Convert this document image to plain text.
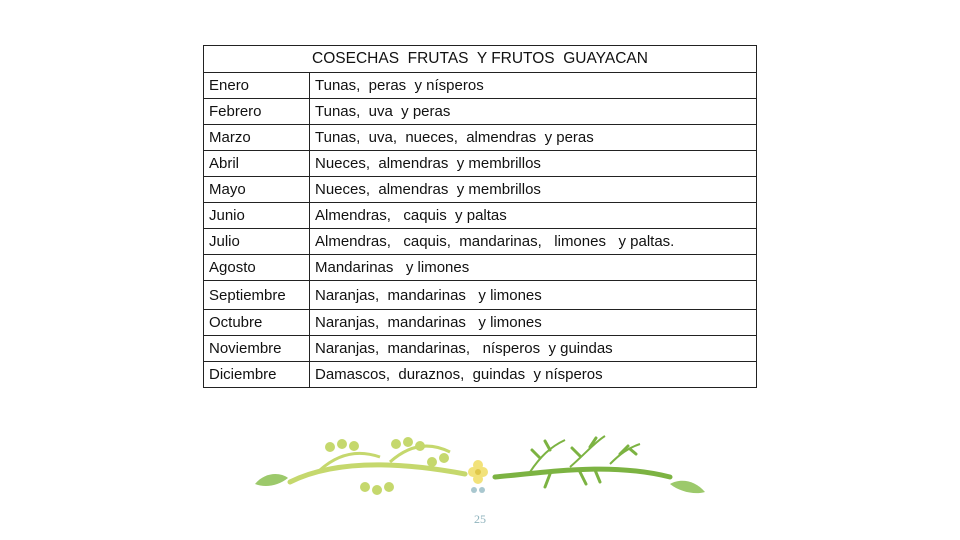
COSECHAS  FRUTAS  Y FRUTOS  GUAYACAN	
Enero	Tunas,  peras  y nísperos
Febrero	Tunas,  uva  y peras
Marzo	Tunas,  uva,  nueces,  almendras  y peras
Abril	Nueces,  almendras  y membrillos
Mayo	Nueces,  almendras  y membrillos
Junio	Almendras,   caquis  y paltas
Julio	Almendras,   caquis,  mandarinas,   limones   y paltas.
Agosto	Mandarinas   y limones
Septiembre	Naranjas,  mandarinas   y limones
Octubre	Naranjas,  mandarinas   y limones
Noviembre	Naranjas,  mandarinas,   nísperos  y guindas
Diciembre	Damascos,  duraznos,  guindas  y nísperos
25
